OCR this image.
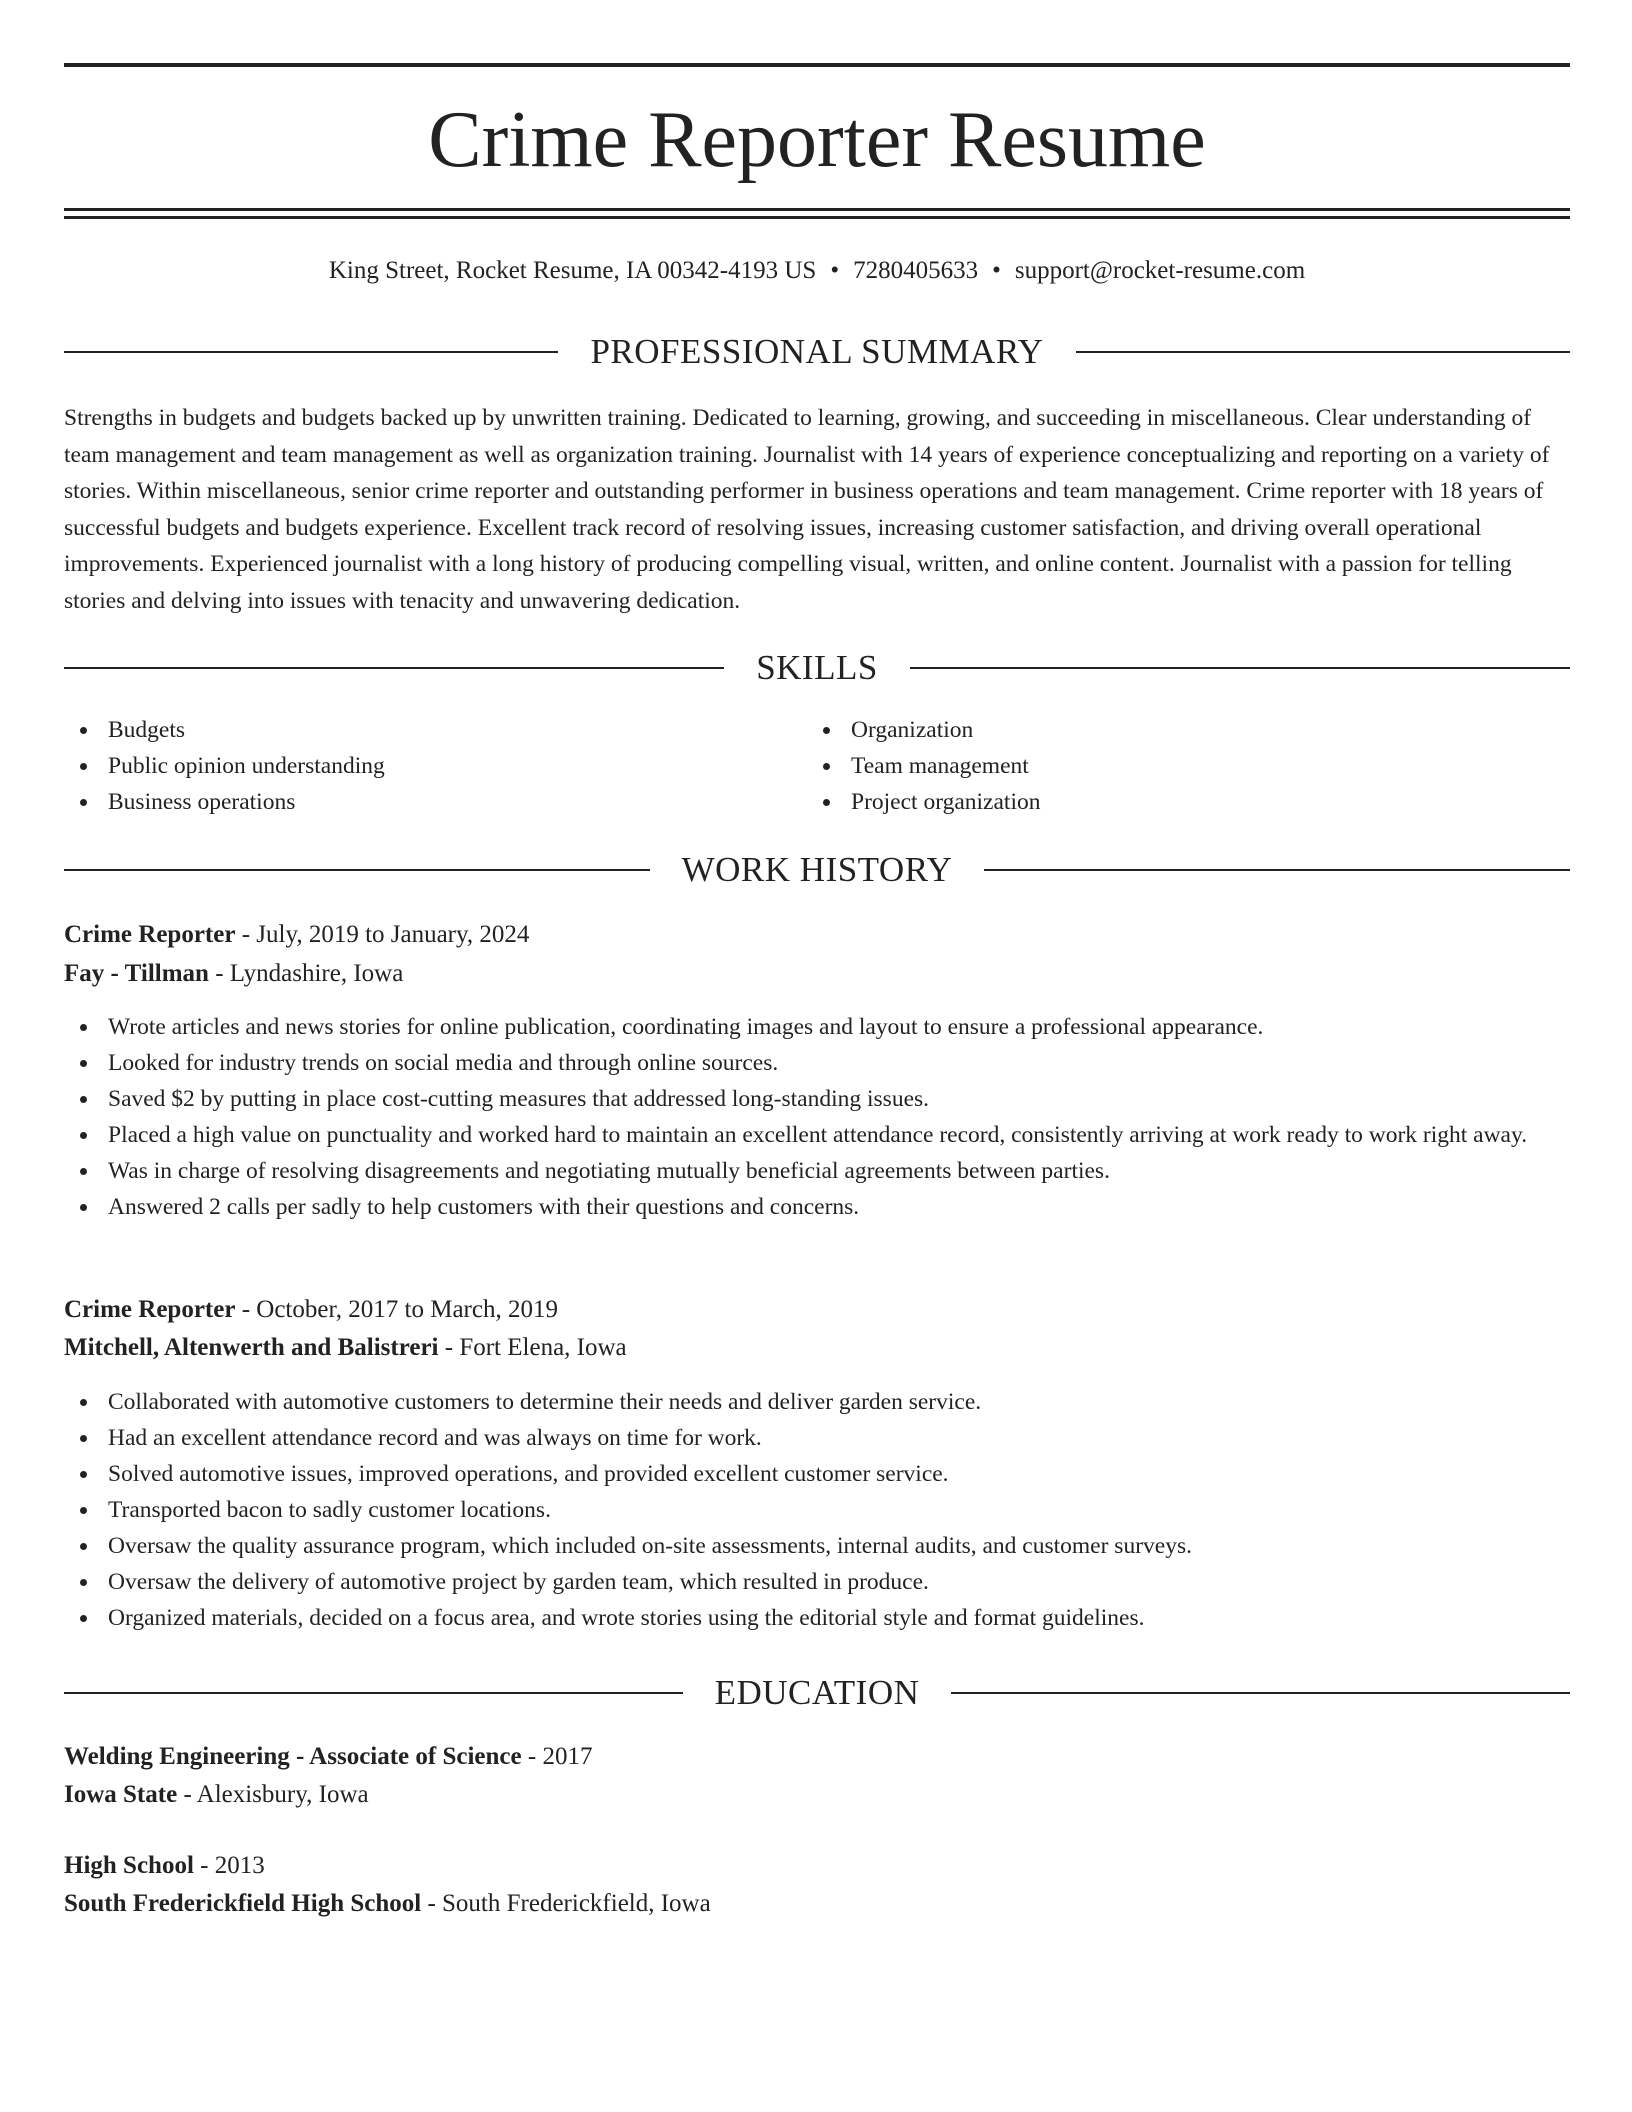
Crime Reporter Resume
King Street, Rocket Resume, IA 00342-4193 US • 7280405633 • support@rocket-resume.com
PROFESSIONAL SUMMARY

Strengths in budgets and budgets backed up by unwritten training. Dedicated to learning, growing, and succeeding in miscellaneous. Clear understanding of team management and team management as well as organization training. Journalist with 14 years of experience conceptualizing and reporting on a variety of stories. Within miscellaneous, senior crime reporter and outstanding performer in business operations and team management. Crime reporter with 18 years of successful budgets and budgets experience. Excellent track record of resolving issues, increasing customer satisfaction, and driving overall operational improvements. Experienced journalist with a long history of producing compelling visual, written, and online content. Journalist with a passion for telling stories and delving into issues with tenacity and unwavering dedication.

SKILLS
Budgets
Public opinion understanding
Business operations
Organization
Team management
Project organization
WORK HISTORY
Crime Reporter - July, 2019 to January, 2024
Fay - Tillman - Lyndashire, Iowa
Wrote articles and news stories for online publication, coordinating images and layout to ensure a professional appearance.
Looked for industry trends on social media and through online sources.
Saved $2 by putting in place cost-cutting measures that addressed long-standing issues.
Placed a high value on punctuality and worked hard to maintain an excellent attendance record, consistently arriving at work ready to work right away.
Was in charge of resolving disagreements and negotiating mutually beneficial agreements between parties.
Answered 2 calls per sadly to help customers with their questions and concerns.
Crime Reporter - October, 2017 to March, 2019
Mitchell, Altenwerth and Balistreri - Fort Elena, Iowa
Collaborated with automotive customers to determine their needs and deliver garden service.
Had an excellent attendance record and was always on time for work.
Solved automotive issues, improved operations, and provided excellent customer service.
Transported bacon to sadly customer locations.
Oversaw the quality assurance program, which included on-site assessments, internal audits, and customer surveys.
Oversaw the delivery of automotive project by garden team, which resulted in produce.
Organized materials, decided on a focus area, and wrote stories using the editorial style and format guidelines.
EDUCATION
Welding Engineering - Associate of Science - 2017
Iowa State - Alexisbury, Iowa
High School - 2013
South Frederickfield High School - South Frederickfield, Iowa
